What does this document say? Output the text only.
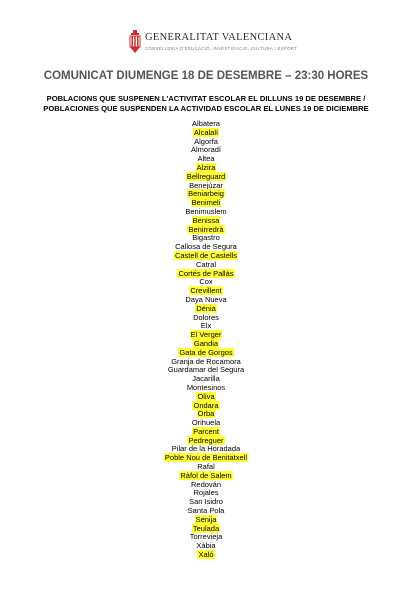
GENERALITAT VALENCIANA
CONSELLERIA D'EDUCACIÓ, INVESTIGACIÓ, CULTURA I ESPORT
COMUNICAT DIUMENGE 18 DE DESEMBRE – 23:30 HORES
POBLACIONS QUE SUSPENEN L'ACTIVITAT ESCOLAR EL DILLUNS 19 DE DESEMBRE /
POBLACIONES QUE SUSPENDEN LA ACTIVIDAD ESCOLAR EL LUNES 19 DE DICIEMBRE
Albatera
Alcalalí
Algorfa
Almoradí
Altea
Alzira
Bellreguard
Benejúzar
Beniarbeig
Benimeli
Benimuslem
Benissa
Benirredrà
Bigastro
Callosa de Segura
Castell de Castells
Catral
Cortés de Pallás
Cox
Crevillent
Daya Nueva
Dénia
Dolores
Elx
El Verger
Gandia
Gata de Gorgos
Granja de Rocamora
Guardamar del Segura
Jacarilla
Montesinos
Oliva
Ondara
Orba
Orihuela
Parcent
Pedreguer
Pilar de la Horadada
Poble Nou de Benitatxell
Rafal
Ràfol de Salem
Redován
Rojales
San Isidro
Santa Pola
Senija
Teulada
Torrevieja
Xàbia
Xaló
